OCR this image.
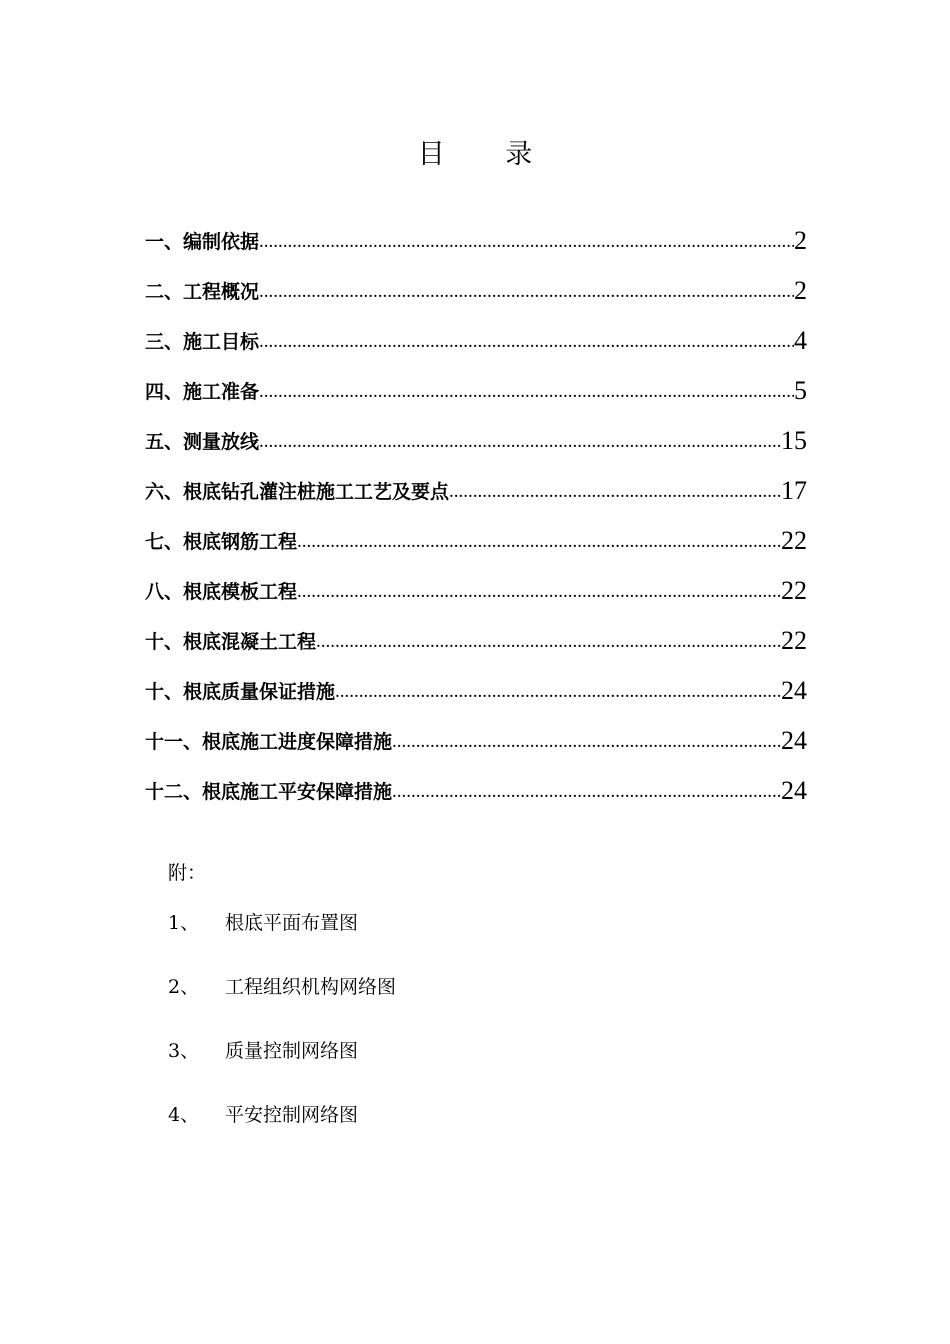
目 录
一、编制依据 .....	2
二、工程概况 .....	2
三、施工目标 .....	4
四、施工准备 .....	5
五、测量放线 .....	15
六、根底钻孔灌注桩施工工艺及要点 .....	17
七、根底钢筋工程 .....	22
八、根底模板工程 .....	22
十、根底混凝土工程 .....	22
十、根底质量保证措施 .....	24
十一、根底施工进度保障措施 .....	24
十二、根底施工平安保障措施 .....	24
附：
1、	根底平面布置图
2、	工程组织机构网络图
3、	质量控制网络图
4、	平安控制网络图
